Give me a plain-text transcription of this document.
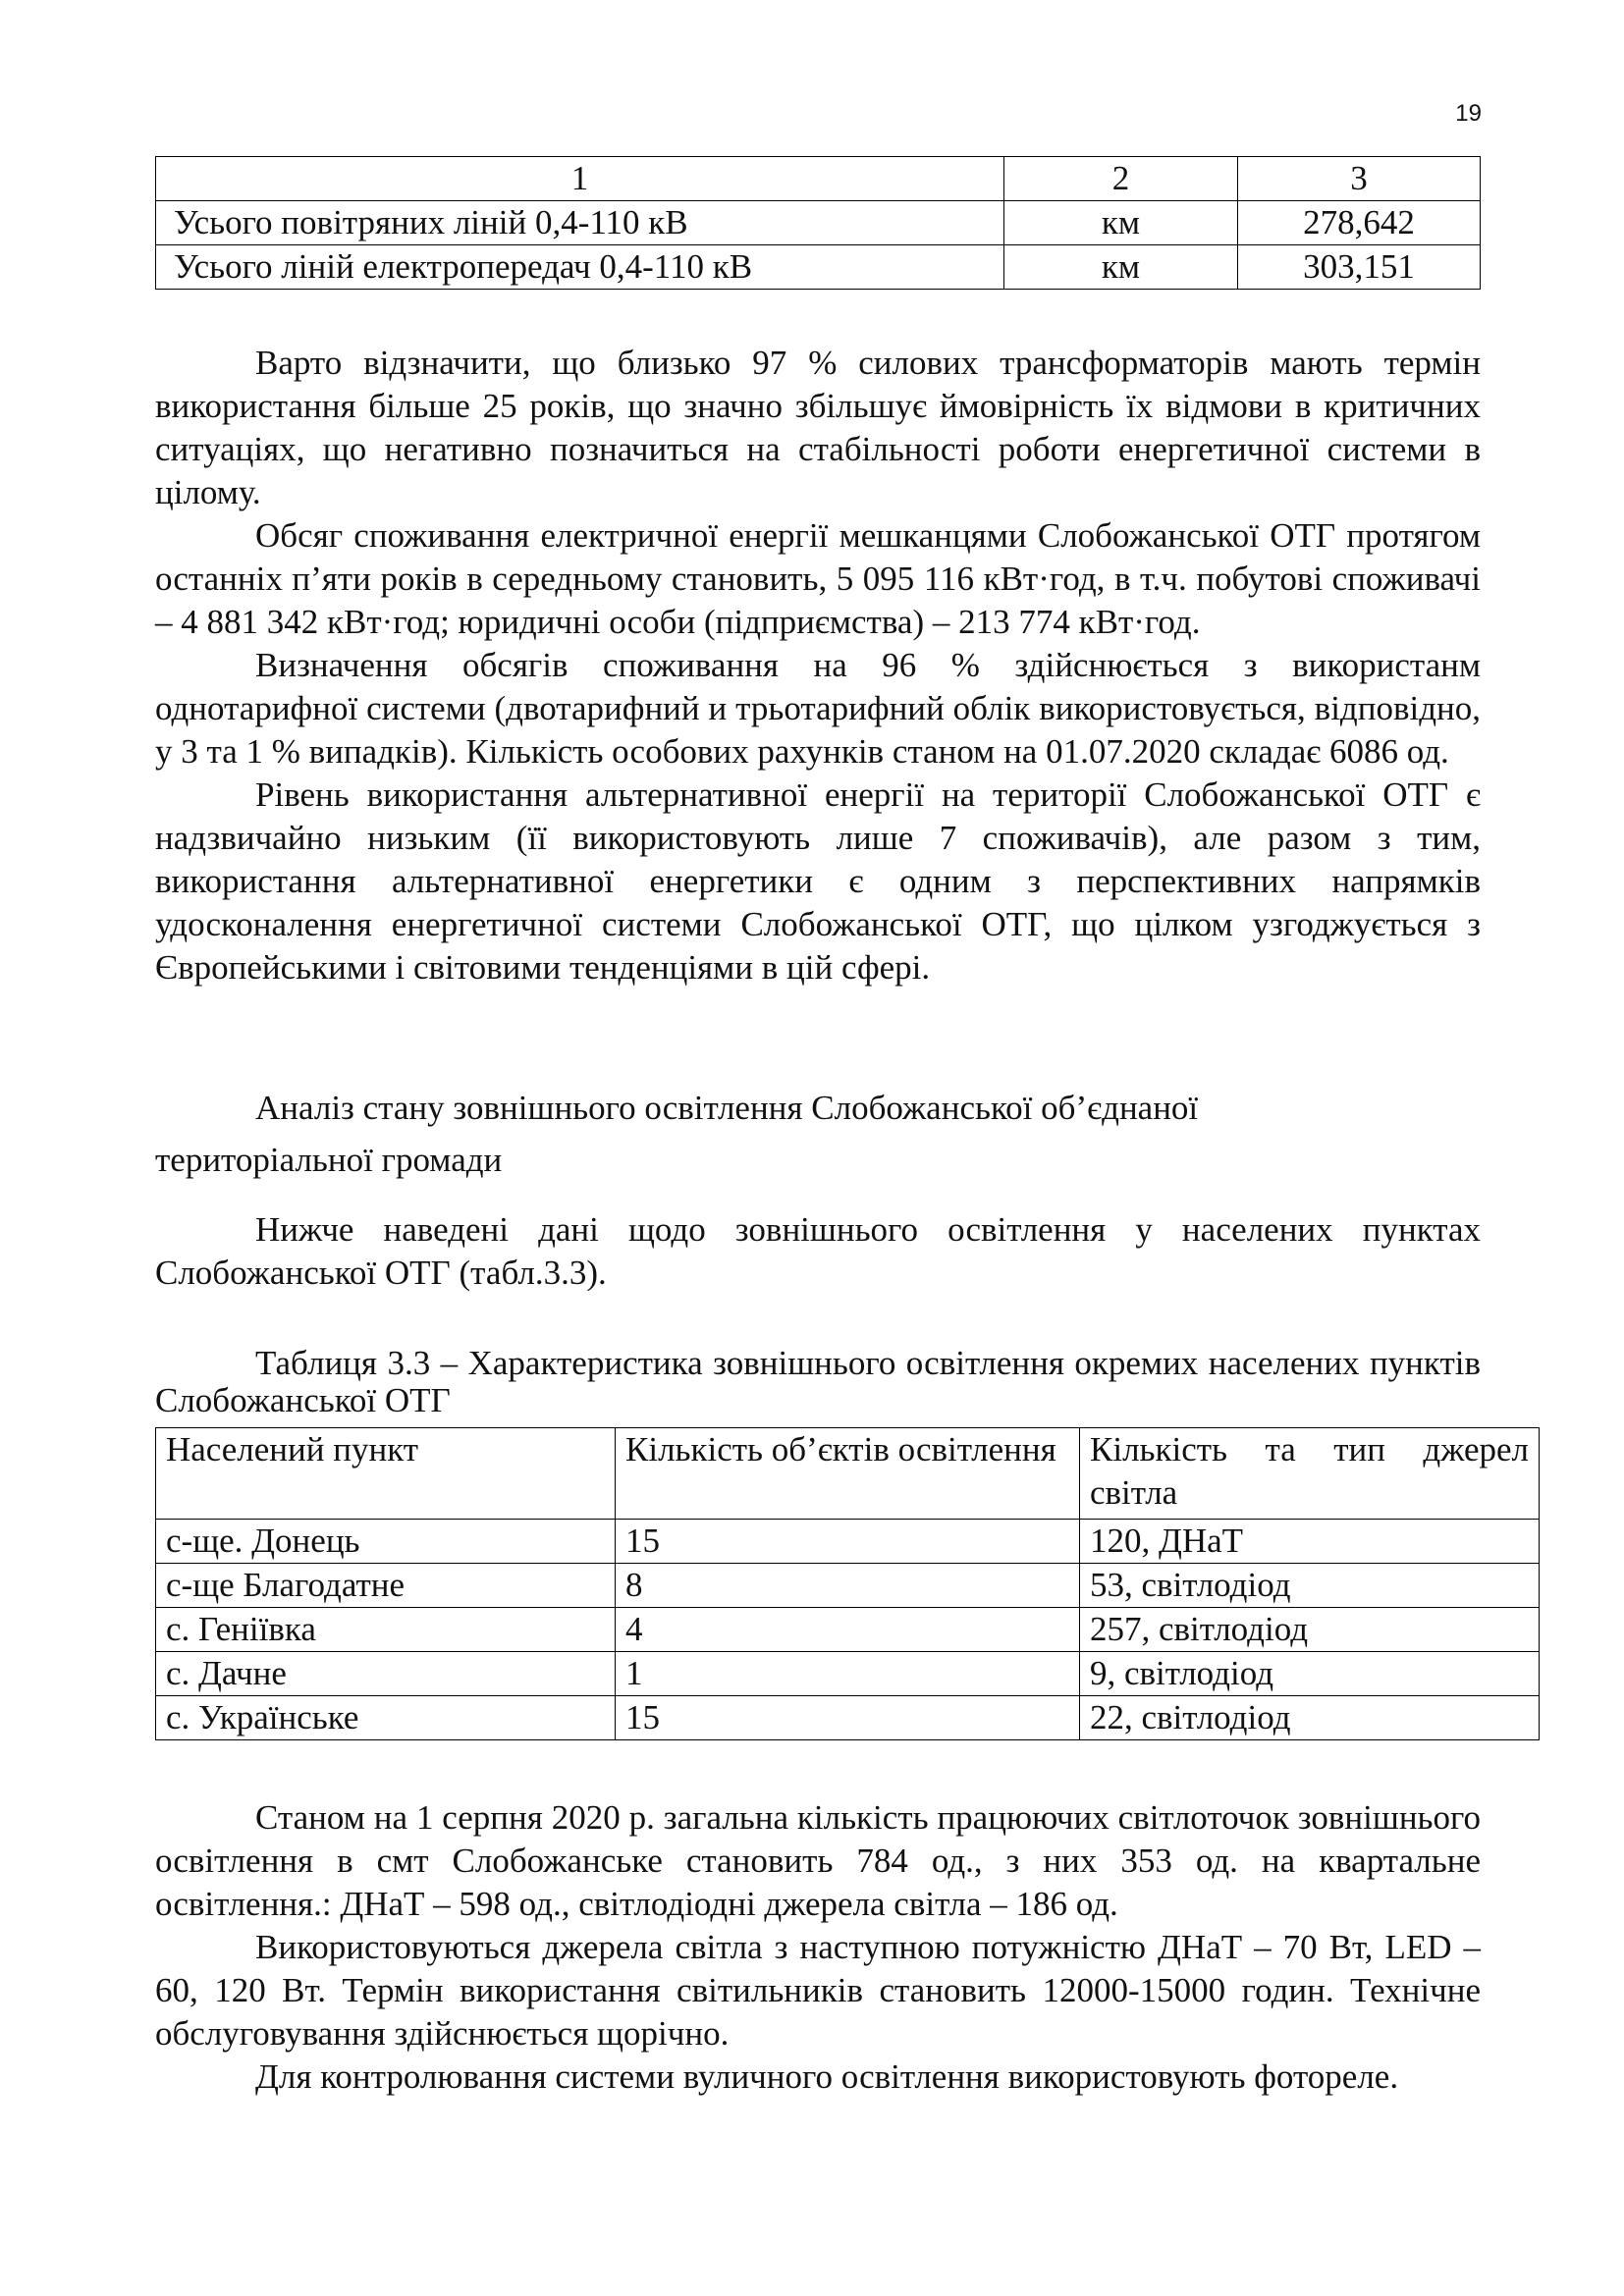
19
1	2	3
Усього повітряних ліній 0,4-110 кВ	км	278,642
Усього ліній електропередач 0,4-110 кВ	км	303,151

Варто відзначити, що близько 97 % силових трансформаторів мають термін використання більше 25 років, що значно збільшує ймовірність їх відмови в критичних ситуаціях, що негативно позначиться на стабільності роботи енергетичної системи в цілому.

Обсяг споживання електричної енергії мешканцями Слобожанської ОТГ протягом останніх п’яти років в середньому становить, 5 095 116 кВт·год, в т.ч. побутові споживачі – 4 881 342 кВт·год; юридичні особи (підприємства) – 213 774 кВт·год.

Визначення обсягів споживання на 96 % здійснюється з використанм однотарифної системи (двотарифний и трьотарифний облік використовується, відповідно, у 3 та 1 % випадків). Кількість особових рахунків станом на 01.07.2020 складає 6086 од.

Рівень використання альтернативної енергії на території Слобожанської ОТГ є надзвичайно низьким (її використовують лише 7 споживачів), але разом з тим, використання альтернативної енергетики є одним з перспективних напрямків удосконалення енергетичної системи Слобожанської ОТГ, що цілком узгоджується з Європейськими і світовими тенденціями в цій сфері.

Аналіз стану зовнішнього освітлення Слобожанської об’єднаної

територіальної громади

Нижче наведені дані щодо зовнішнього освітлення у населених пунктах Слобожанської ОТГ (табл.3.3).

Таблиця 3.3 – Характеристика зовнішнього освітлення окремих населених пунктів Слобожанської ОТГ

Населений пункт	Кількість об’єктів освітлення	Кількість та тип джерел світла

с-ще. Донець	15	120, ДНаТ
с-ще Благодатне	8	53, світлодіод
с. Геніївка	4	257, світлодіод
с. Дачне	1	9, світлодіод
с. Українське	15	22, світлодіод

Станом на 1 серпня 2020 р. загальна кількість працюючих світлоточок зовнішнього освітлення в смт Слобожанське становить 784 од., з них 353 од. на квартальне освітлення.: ДНаТ – 598 од., світлодіодні джерела світла – 186 од.

Використовуються джерела світла з наступною потужністю ДНаТ – 70 Вт, LED – 60, 120 Вт. Термін використання світильників становить 12000-15000 годин. Технічне обслуговування здійснюється щорічно.

Для контролювання системи вуличного освітлення використовують фотореле.
